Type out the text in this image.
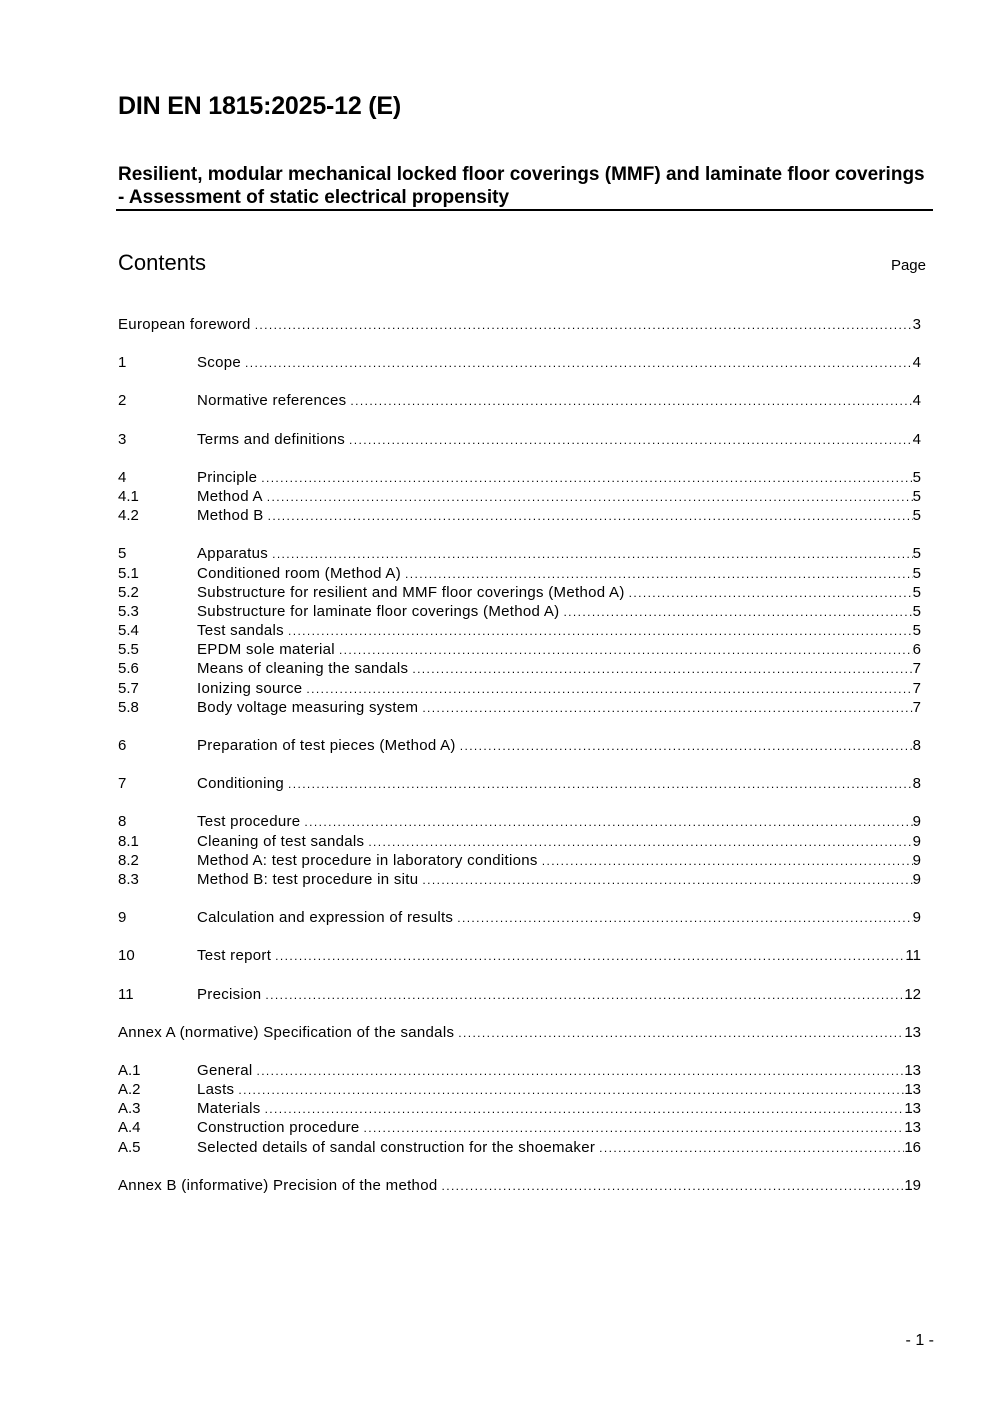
DIN EN 1815:2025-12 (E)
Resilient, modular mechanical locked floor coverings (MMF) and laminate floor coverings - Assessment of static electrical propensity
Contents	Page
European foreword .....	3
1	Scope .....	4
2	Normative references .....	4
3	Terms and definitions .....	4
4	Principle .....	5
4.1	Method A .....	5
4.2	Method B .....	5
5	Apparatus .....	5
5.1	Conditioned room (Method A) .....	5
5.2	Substructure for resilient and MMF floor coverings (Method A) .....	5
5.3	Substructure for laminate floor coverings (Method A) .....	5
5.4	Test sandals .....	5
5.5	EPDM sole material .....	6
5.6	Means of cleaning the sandals .....	7
5.7	Ionizing source .....	7
5.8	Body voltage measuring system .....	7
6	Preparation of test pieces (Method A) .....	8
7	Conditioning .....	8
8	Test procedure .....	9
8.1	Cleaning of test sandals .....	9
8.2	Method A: test procedure in laboratory conditions .....	9
8.3	Method B: test procedure in situ .....	9
9	Calculation and expression of results .....	9
10	Test report .....	11
11	Precision .....	12
Annex A (normative) Specification of the sandals .....	13
A.1	General .....	13
A.2	Lasts .....	13
A.3	Materials .....	13
A.4	Construction procedure .....	13
A.5	Selected details of sandal construction for the shoemaker .....	16
Annex B (informative) Precision of the method .....	19
- 1 -
